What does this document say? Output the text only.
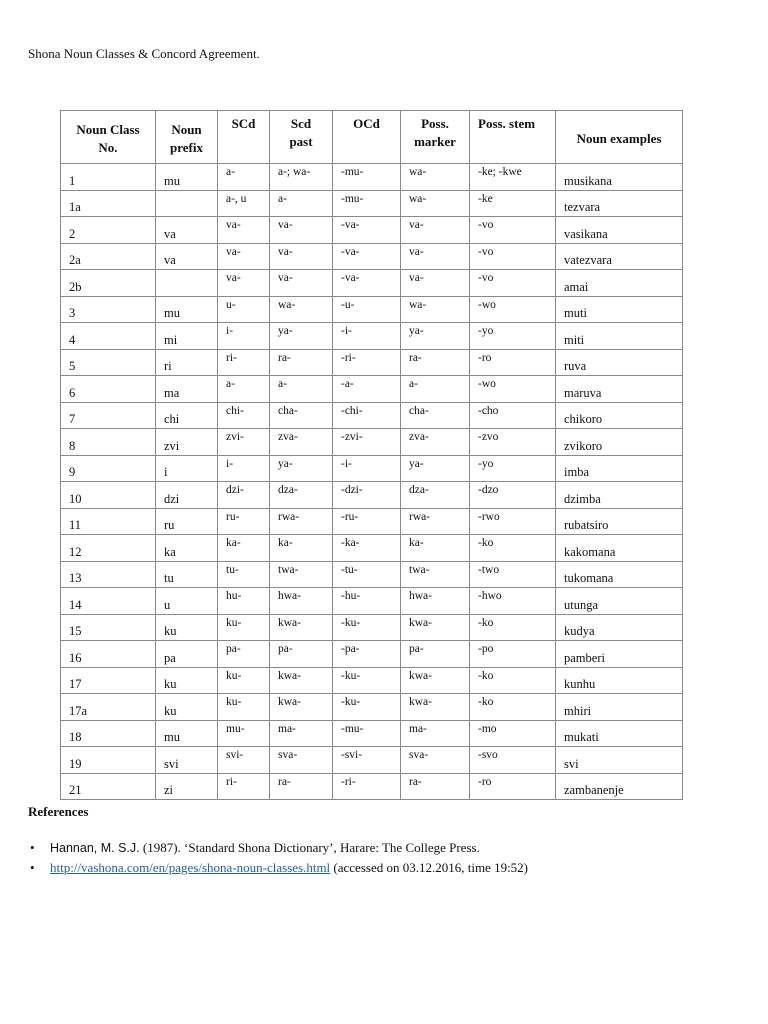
Shona Noun Classes & Concord Agreement.
Noun Class No.	Noun prefix	SCd	Scd past	OCd	Poss. marker	Poss. stem	Noun examples
1	mu	a-	a-; wa-	-mu-	wa-	-ke; -kwe	musikana
1a		a-, u	a-	-mu-	wa-	-ke	tezvara
2	va	va-	va-	-va-	va-	-vo	vasikana
2a	va	va-	va-	-va-	va-	-vo	vatezvara
2b		va-	va-	-va-	va-	-vo	amai
3	mu	u-	wa-	-u-	wa-	-wo	muti
4	mi	i-	ya-	-i-	ya-	-yo	miti
5	ri	ri-	ra-	-ri-	ra-	-ro	ruva
6	ma	a-	a-	-a-	a-	-wo	maruva
7	chi	chi-	cha-	-chi-	cha-	-cho	chikoro
8	zvi	zvi-	zva-	-zvi-	zva-	-zvo	zvikoro
9	i	i-	ya-	-i-	ya-	-yo	imba
10	dzi	dzi-	dza-	-dzi-	dza-	-dzo	dzimba
11	ru	ru-	rwa-	-ru-	rwa-	-rwo	rubatsiro
12	ka	ka-	ka-	-ka-	ka-	-ko	kakomana
13	tu	tu-	twa-	-tu-	twa-	-two	tukomana
14	u	hu-	hwa-	-hu-	hwa-	-hwo	utunga
15	ku	ku-	kwa-	-ku-	kwa-	-ko	kudya
16	pa	pa-	pa-	-pa-	pa-	-po	pamberi
17	ku	ku-	kwa-	-ku-	kwa-	-ko	kunhu
17a	ku	ku-	kwa-	-ku-	kwa-	-ko	mhiri
18	mu	mu-	ma-	-mu-	ma-	-mo	mukati
19	svi	svi-	sva-	-svi-	sva-	-svo	svi
21	zi	ri-	ra-	-ri-	ra-	-ro	zambanenje
References
• Hannan, M. S.J. (1987). ‘Standard Shona Dictionary’, Harare: The College Press.
• http://vashona.com/en/pages/shona-noun-classes.html (accessed on 03.12.2016, time 19:52)
